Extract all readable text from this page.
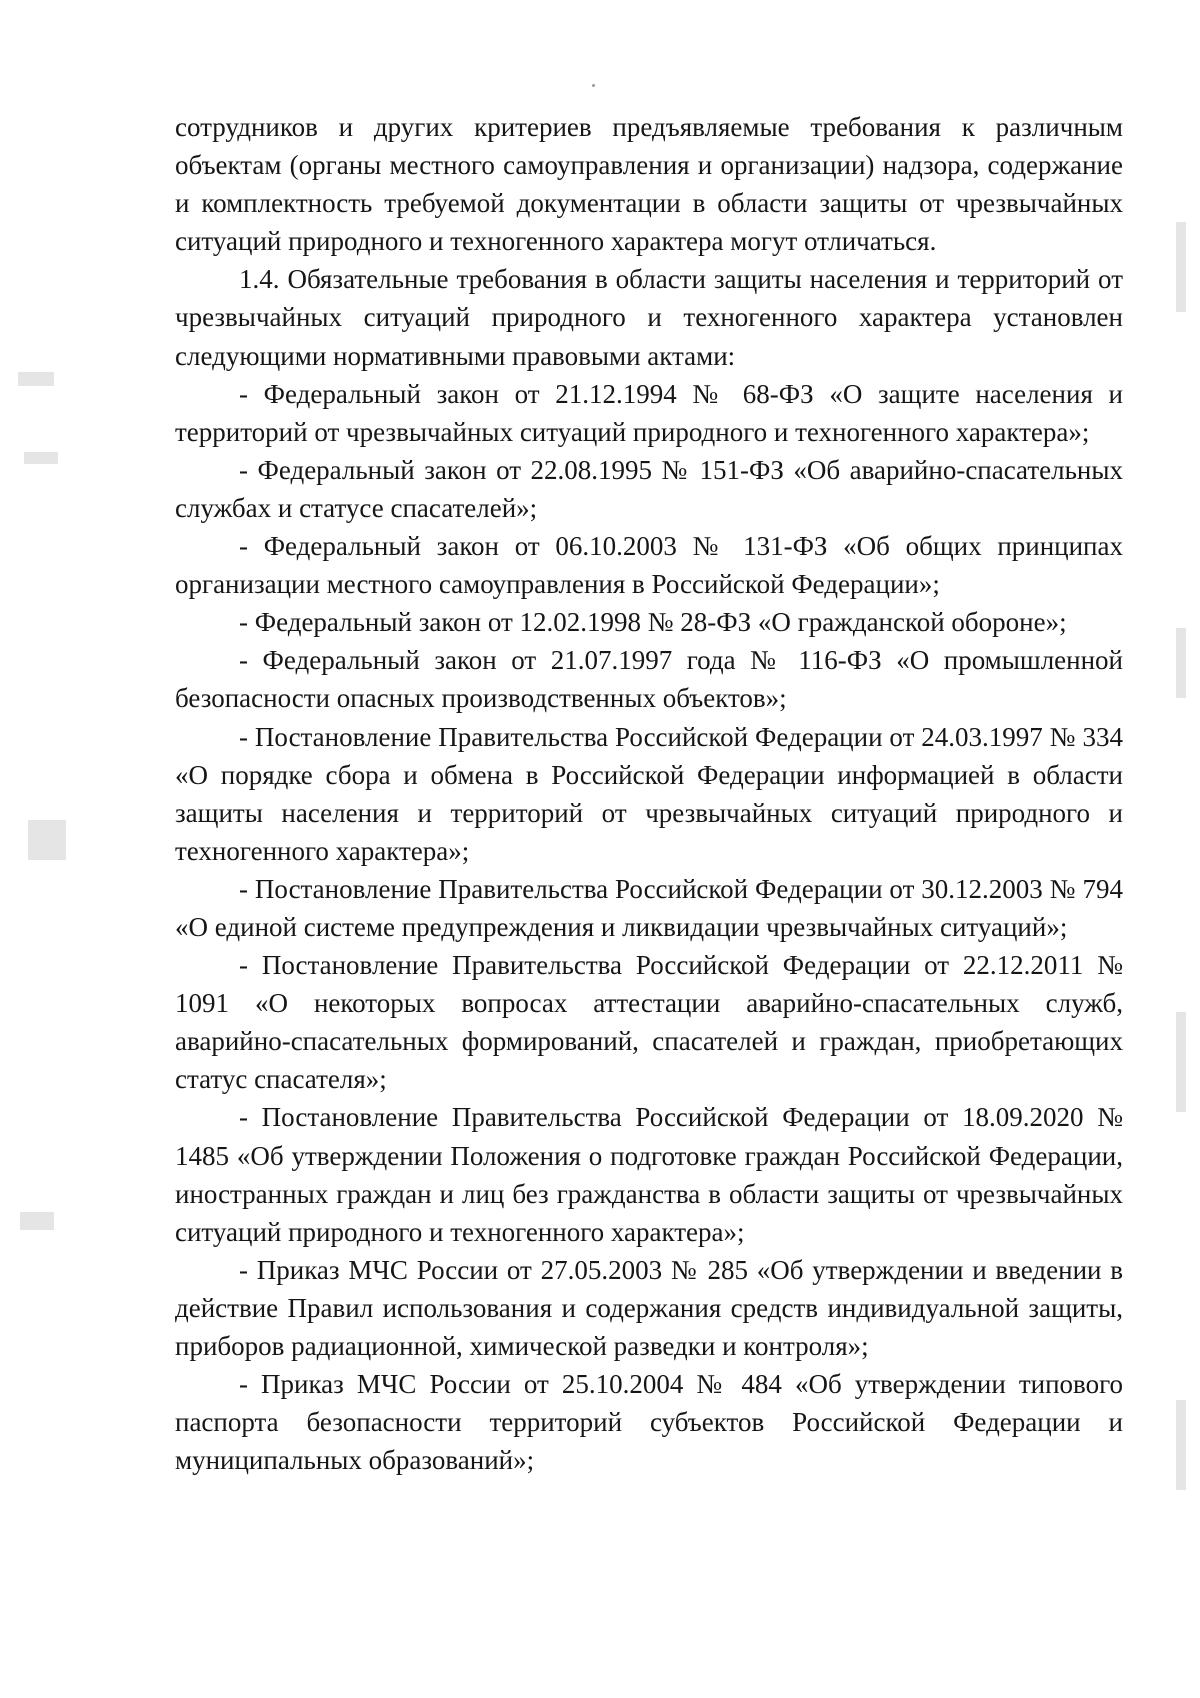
сотрудников и других критериев предъявляемые требования к различным объектам (органы местного самоуправления и организации) надзора, содержание и комплектность требуемой документации в области защиты от чрезвычайных ситуаций природного и техногенного характера могут отличаться.

1.4. Обязательные требования в области защиты населения и территорий от чрезвычайных ситуаций природного и техногенного характера установлен следующими нормативными правовыми актами:

- Федеральный закон от 21.12.1994 № 68-ФЗ «О защите населения и территорий от чрезвычайных ситуаций природного и техногенного характера»;

- Федеральный закон от 22.08.1995 № 151-ФЗ «Об аварийно-спасательных службах и статусе спасателей»;

- Федеральный закон от 06.10.2003 № 131-ФЗ «Об общих принципах организации местного самоуправления в Российской Федерации»;

- Федеральный закон от 12.02.1998 № 28-ФЗ «О гражданской обороне»;

- Федеральный закон от 21.07.1997 года № 116-ФЗ «О промышленной безопасности опасных производственных объектов»;

- Постановление Правительства Российской Федерации от 24.03.1997 № 334 «О порядке сбора и обмена в Российской Федерации информацией в области защиты населения и территорий от чрезвычайных ситуаций природного и техногенного характера»;

- Постановление Правительства Российской Федерации от 30.12.2003 № 794 «О единой системе предупреждения и ликвидации чрезвычайных ситуаций»;

- Постановление Правительства Российской Федерации от 22.12.2011 № 1091 «О некоторых вопросах аттестации аварийно-спасательных служб, аварийно-спасательных формирований, спасателей и граждан, приобретающих статус спасателя»;

- Постановление Правительства Российской Федерации от 18.09.2020 № 1485 «Об утверждении Положения о подготовке граждан Российской Федерации, иностранных граждан и лиц без гражданства в области защиты от чрезвычайных ситуаций природного и техногенного характера»;

- Приказ МЧС России от 27.05.2003 № 285 «Об утверждении и введении в действие Правил использования и содержания средств индивидуальной защиты, приборов радиационной, химической разведки и контроля»;

- Приказ МЧС России от 25.10.2004 № 484 «Об утверждении типового паспорта безопасности территорий субъектов Российской Федерации и муниципальных образований»;
